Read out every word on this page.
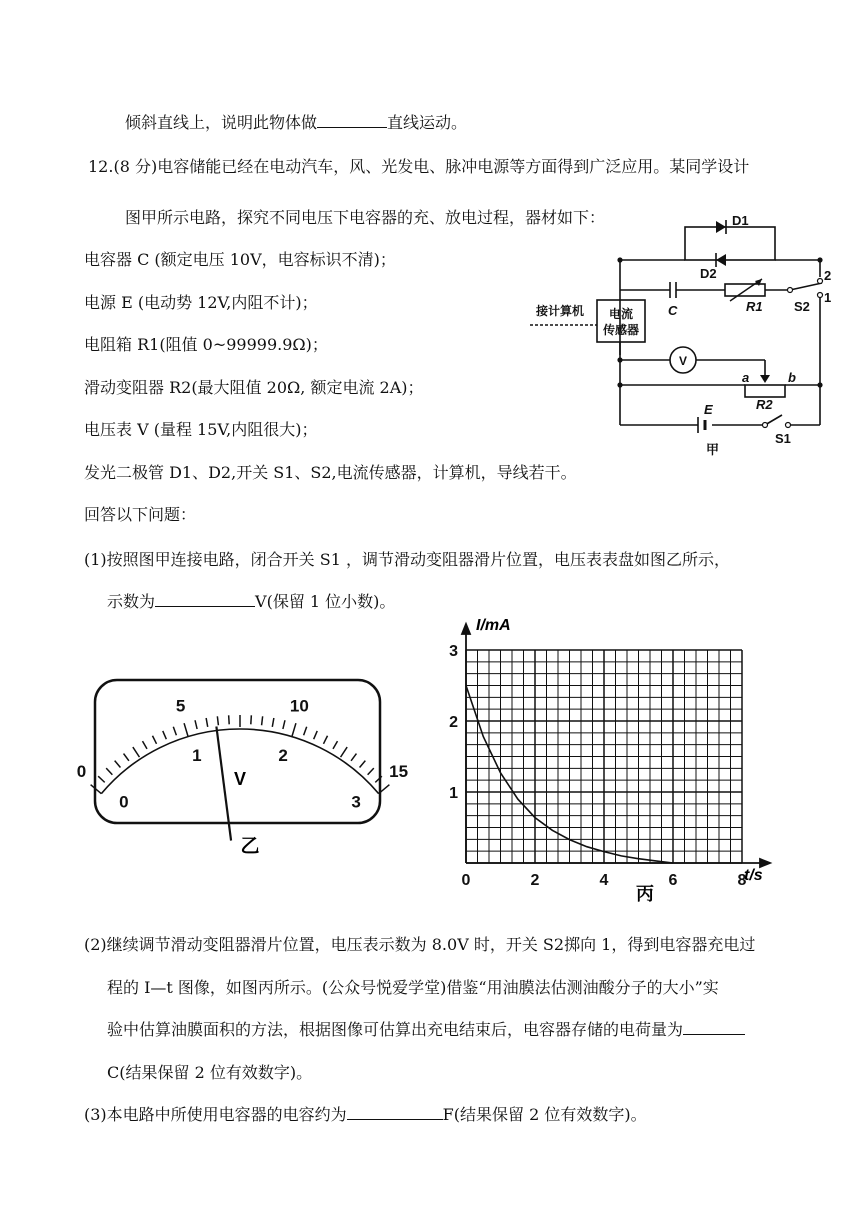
倾斜直线上，说明此物体做	直线运动。
12.(8 分)电容储能已经在电动汽车，风、光发电、脉冲电源等方面得到广泛应用。某同学设计
图甲所示电路，探究不同电压下电容器的充、放电过程，器材如下：
电容器 C (额定电压 10V，电容标识不清)；
电源 E (电动势 12V,内阻不计)；
电阻箱 R1(阻值 0~99999.9Ω)；
滑动变阻器 R2(最大阻值 20Ω, 额定电流 2A)；
电压表 V (量程 15V,内阻很大)；
发光二极管 D1、D2,开关 S1、S2,电流传感器，计算机，导线若干。
回答以下问题：
(1)按照图甲连接电路，闭合开关 S1 ，调节滑动变阻器滑片位置，电压表表盘如图乙所示，
示数为	V(保留 1 位小数)。
(2)继续调节滑动变阻器滑片位置，电压表示数为 8.0V 时，开关 S2掷向 1，得到电容器充电过
程的 I—t 图像，如图丙所示。(公众号悦爱学堂)借鉴“用油膜法估测油酸分子的大小”实
验中估算油膜面积的方法，根据图像可估算出充电结束后，电容器存储的电荷量为
C(结果保留 2 位有效数字)。
(3)本电路中所使用电容器的电容约为	F(结果保留 2 位有效数字)。
D1
D2
C	R1 S2
2
1
接计算机 电流
传感器
V
a	b
R2
E
S1
甲
0
5	10
15
0
1	2
3
V
乙
0	2	4	6	8
1
2
3
I/mA
t/s
丙
